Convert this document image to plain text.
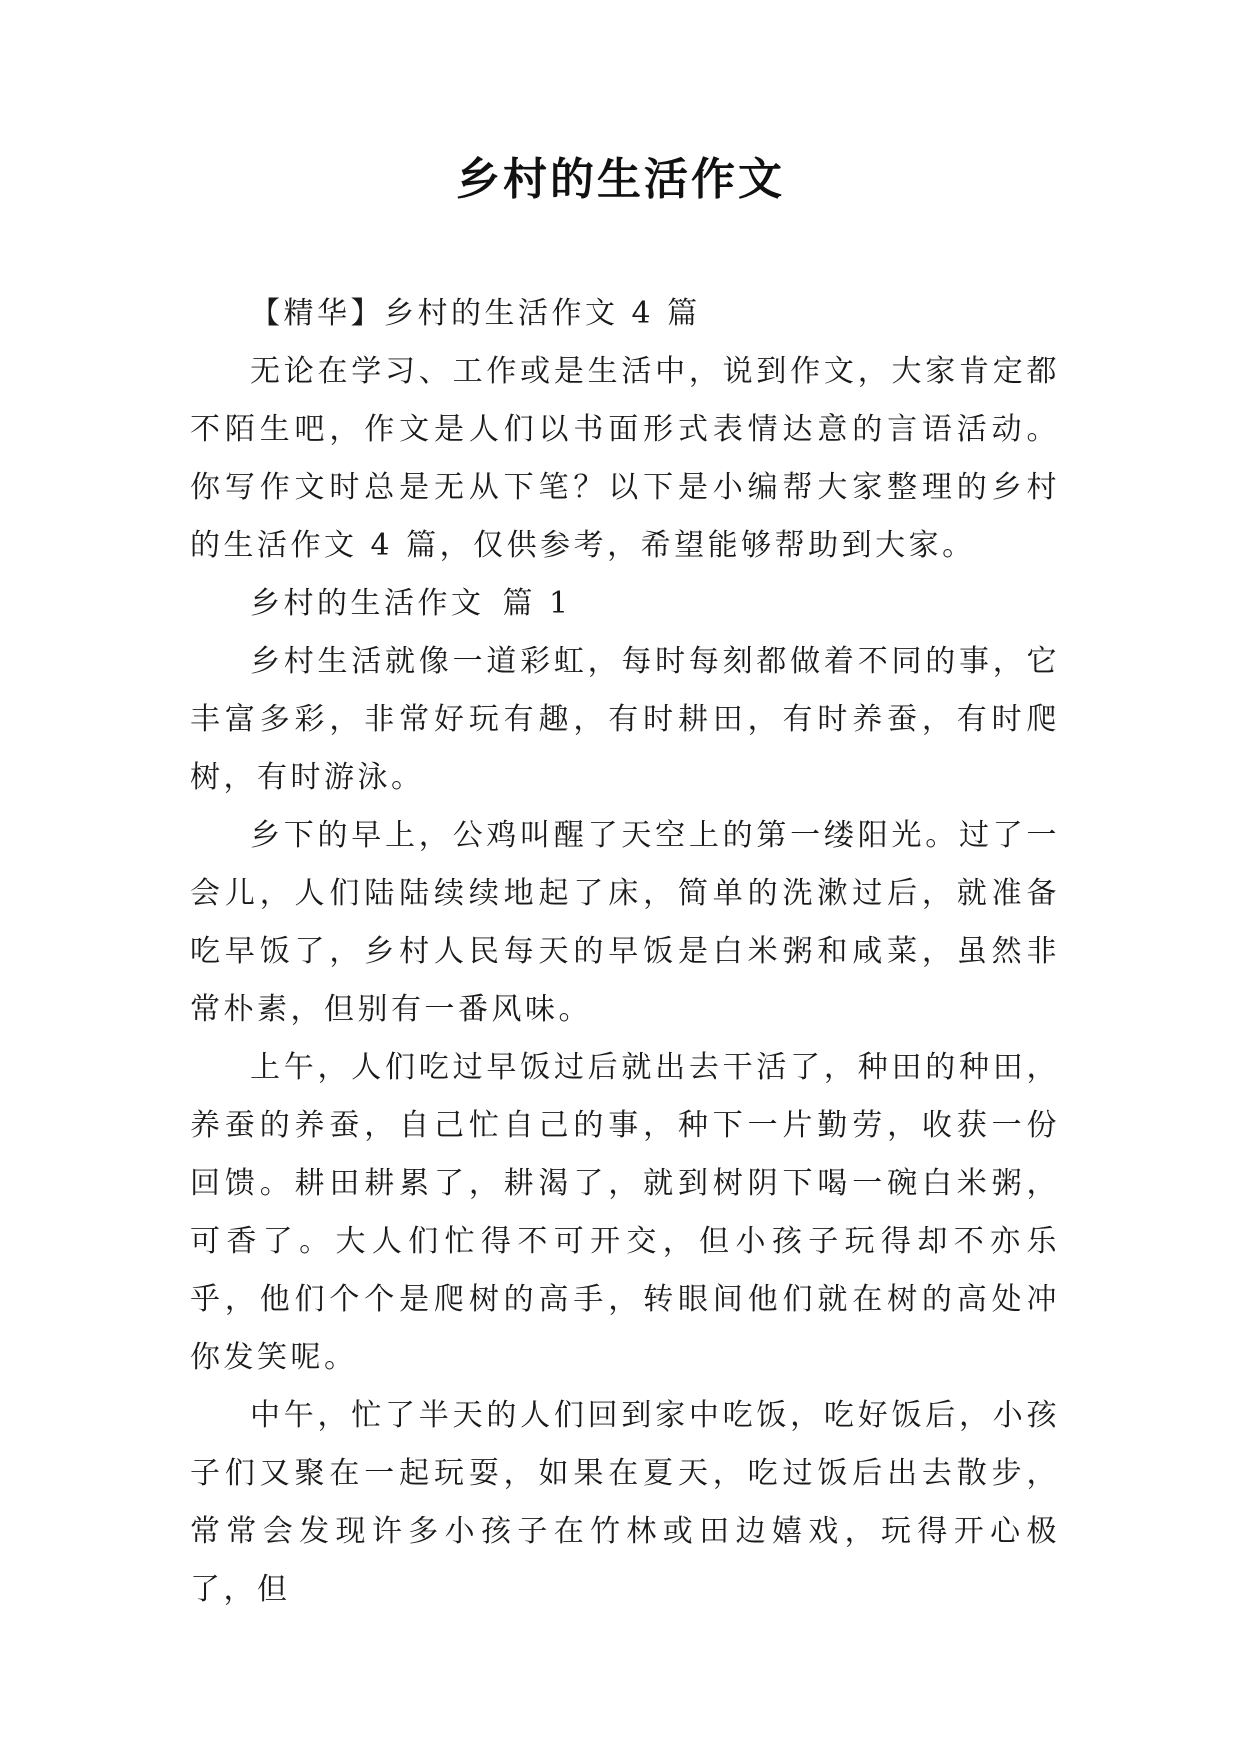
乡村的生活作文

【精华】乡村的生活作文 4 篇

无论在学习、工作或是生活中，说到作文，大家肯定都不陌生吧，作文是人们以书面形式表情达意的言语活动。你写作文时总是无从下笔？以下是小编帮大家整理的乡村的生活作文 4 篇，仅供参考，希望能够帮助到大家。

乡村的生活作文 篇 1

乡村生活就像一道彩虹，每时每刻都做着不同的事，它丰富多彩，非常好玩有趣，有时耕田，有时养蚕，有时爬树，有时游泳。

乡下的早上，公鸡叫醒了天空上的第一缕阳光。过了一会儿，人们陆陆续续地起了床，简单的洗漱过后，就准备吃早饭了，乡村人民每天的早饭是白米粥和咸菜，虽然非常朴素，但别有一番风味。

上午，人们吃过早饭过后就出去干活了，种田的种田，养蚕的养蚕，自己忙自己的事，种下一片勤劳，收获一份回馈。耕田耕累了，耕渴了，就到树阴下喝一碗白米粥，可香了。大人们忙得不可开交，但小孩子玩得却不亦乐乎，他们个个是爬树的高手，转眼间他们就在树的高处冲你发笑呢。

中午，忙了半天的人们回到家中吃饭，吃好饭后，小孩子们又聚在一起玩耍，如果在夏天，吃过饭后出去散步，常常会发现许多小孩子在竹林或田边嬉戏，玩得开心极了，但
